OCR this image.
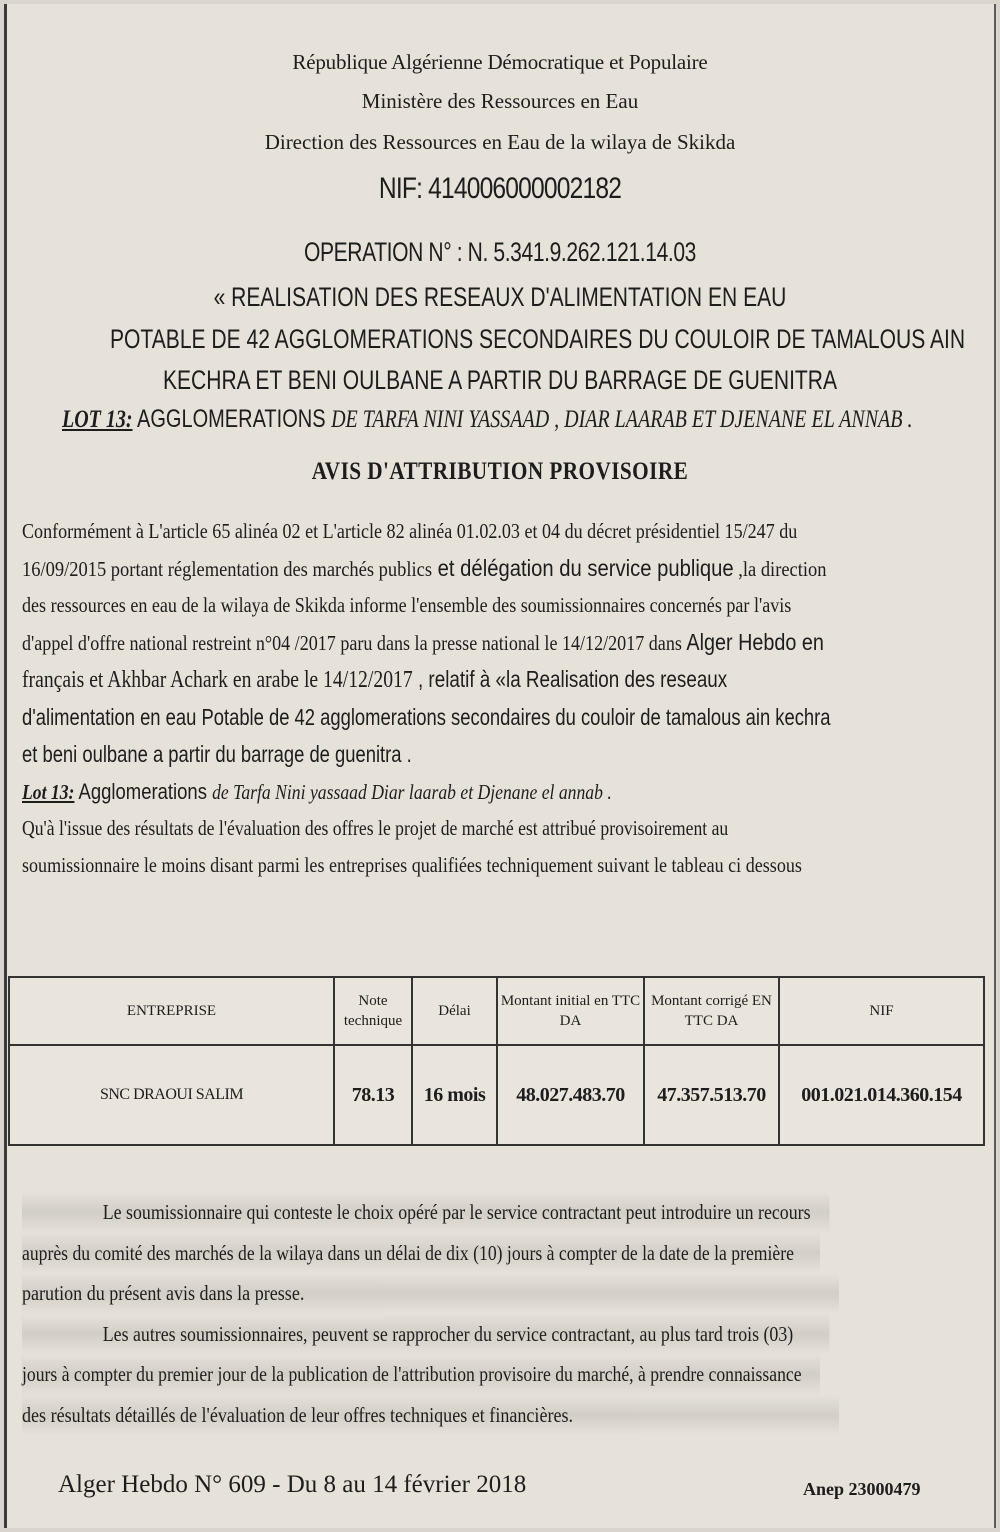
République Algérienne Démocratique et Populaire
Ministère des Ressources en Eau
Direction des Ressources en Eau de la wilaya de Skikda
NIF: 414006000002182
OPERATION N° : N. 5.341.9.262.121.14.03
« REALISATION DES RESEAUX D'ALIMENTATION EN EAU
POTABLE DE 42 AGGLOMERATIONS SECONDAIRES DU COULOIR DE TAMALOUS AIN
KECHRA ET BENI OULBANE A PARTIR DU BARRAGE DE GUENITRA
LOT 13: AGGLOMERATIONS DE TARFA NINI YASSAAD , DIAR LAARAB ET DJENANE EL ANNAB .
AVIS D'ATTRIBUTION PROVISOIRE

Conformément à L'article 65 alinéa 02 et L'article 82 alinéa 01.02.03 et 04 du décret présidentiel 15/247 du

16/09/2015 portant réglementation des marchés publics et délégation du service publique ,la direction

des ressources en eau de la wilaya de Skikda informe l'ensemble des soumissionnaires concernés par l'avis

d'appel d'offre national restreint n°04 /2017 paru dans la presse national le 14/12/2017 dans Alger Hebdo en

français et Akhbar Achark en arabe le 14/12/2017 , relatif à «la Realisation des reseaux

d'alimentation en eau Potable de 42 agglomerations secondaires du couloir de tamalous ain kechra

et beni oulbane a partir du barrage de guenitra .

Lot 13: Agglomerations de Tarfa Nini yassaad Diar laarab et Djenane el annab .

Qu'à l'issue des résultats de l'évaluation des offres le projet de marché est attribué provisoirement au

soumissionnaire le moins disant parmi les entreprises qualifiées techniquement suivant le tableau ci dessous

ENTREPRISE	Note technique	Délai	Montant initial en TTC DA	Montant corrigé EN TTC DA	NIF
SNC DRAOUI SALIM	78.13	16 mois	48.027.483.70	47.357.513.70	001.021.014.360.154

Le soumissionnaire qui conteste le choix opéré par le service contractant peut introduire un recours

auprès du comité des marchés de la wilaya dans un délai de dix (10) jours à compter de la date de la première

parution du présent avis dans la presse.

Les autres soumissionnaires, peuvent se rapprocher du service contractant, au plus tard trois (03)

jours à compter du premier jour de la publication de l'attribution provisoire du marché, à prendre connaissance

des résultats détaillés de l'évaluation de leur offres techniques et financières.

Alger Hebdo N° 609 - Du 8 au 14 février 2018	Anep 23000479
